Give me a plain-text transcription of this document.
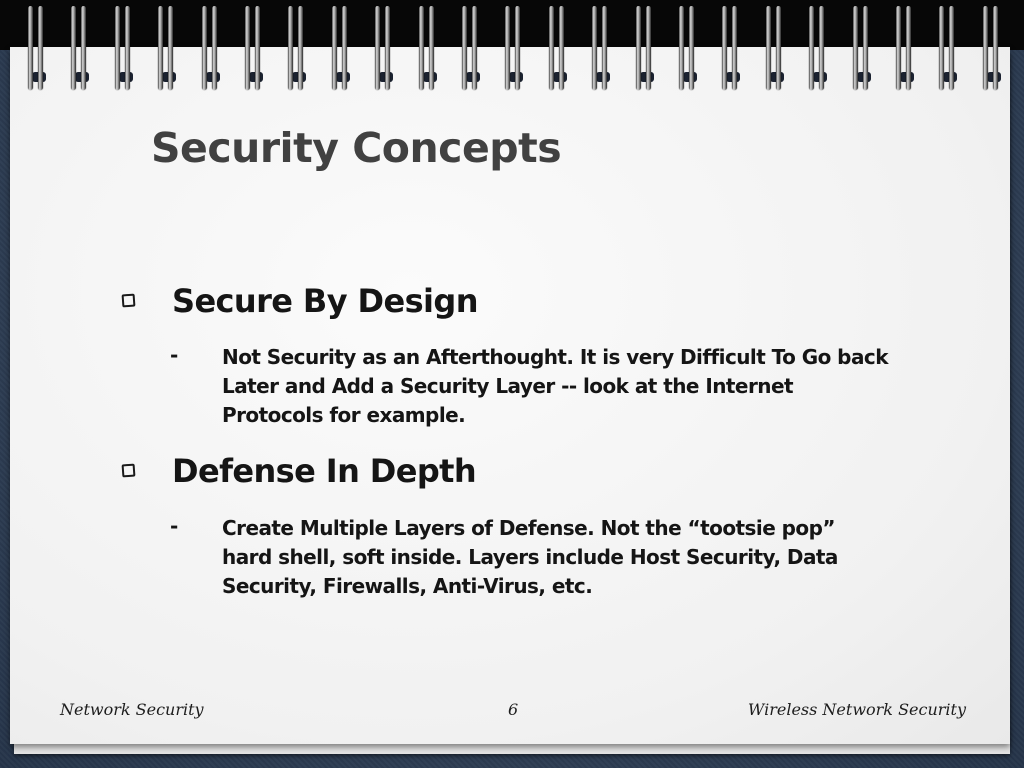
Security Concepts
Secure By Design
- Not Security as an Afterthought. It is very Difficult To Go back Later and Add a Security Layer -- look at the Internet Protocols for example.

Defense In Depth
- Create Multiple Layers of Defense. Not the “tootsie pop” hard shell, soft inside. Layers include Host Security, Data Security, Firewalls, Anti-Virus, etc.

Network Security	6	Wireless Network Security
